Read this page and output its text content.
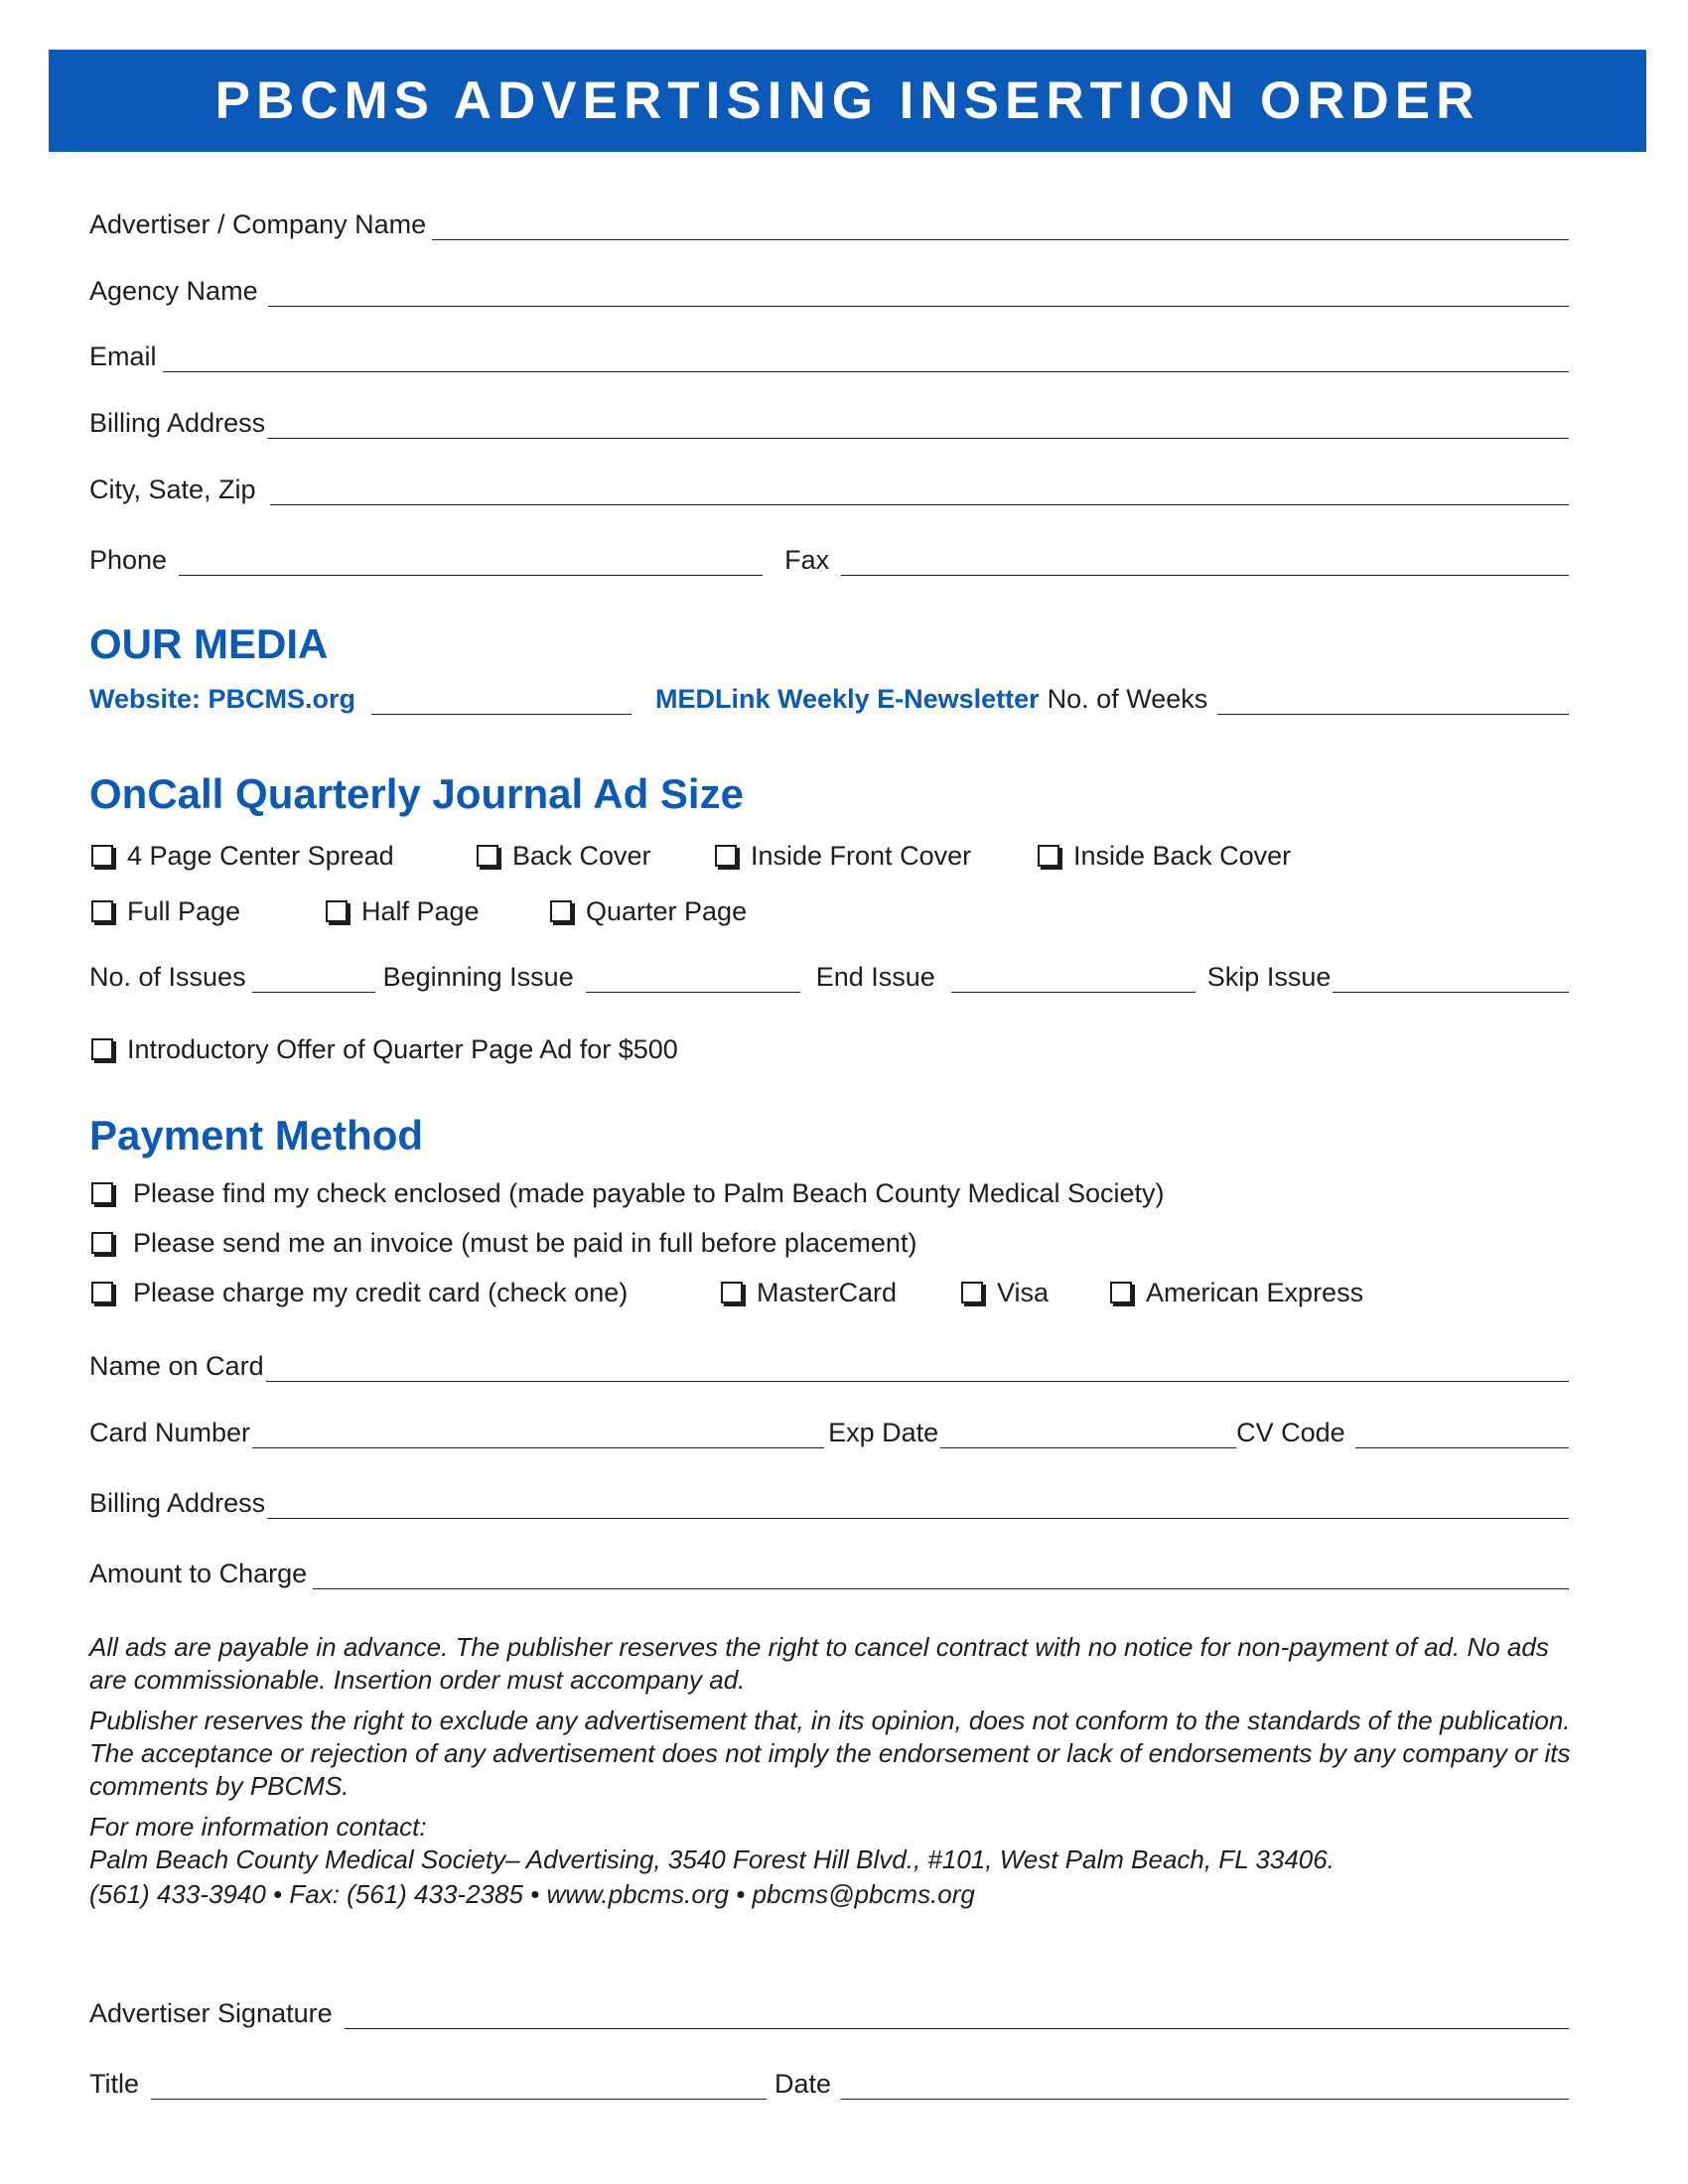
PBCMS ADVERTISING INSERTION ORDER
Advertiser / Company Name
Agency Name
Email
Billing Address
City, Sate, Zip
Phone	Fax
OUR MEDIA
Website: PBCMS.org	MEDLink Weekly E-Newsletter No. of Weeks
OnCall Quarterly Journal Ad Size
4 Page Center Spread	Back Cover	Inside Front Cover	Inside Back Cover
Full Page	Half Page	Quarter Page
No. of Issues	Beginning Issue	End Issue	Skip Issue
Introductory Offer of Quarter Page Ad for $500
Payment Method
Please find my check enclosed (made payable to Palm Beach County Medical Society)
Please send me an invoice (must be paid in full before placement)
Please charge my credit card (check one)	MasterCard	Visa	American Express
Name on Card
Card Number	Exp Date	CV Code
Billing Address
Amount to Charge

All ads are payable in advance. The publisher reserves the right to cancel contract with no notice for non-payment of ad. No ads are commissionable. Insertion order must accompany ad.

Publisher reserves the right to exclude any advertisement that, in its opinion, does not conform to the standards of the publication. The acceptance or rejection of any advertisement does not imply the endorsement or lack of endorsements by any company or its comments by PBCMS.

For more information contact:

Palm Beach County Medical Society– Advertising, 3540 Forest Hill Blvd., #101, West Palm Beach, FL 33406.

(561) 433-3940 • Fax: (561) 433-2385 • www.pbcms.org • pbcms@pbcms.org

Advertiser Signature
Title	Date
